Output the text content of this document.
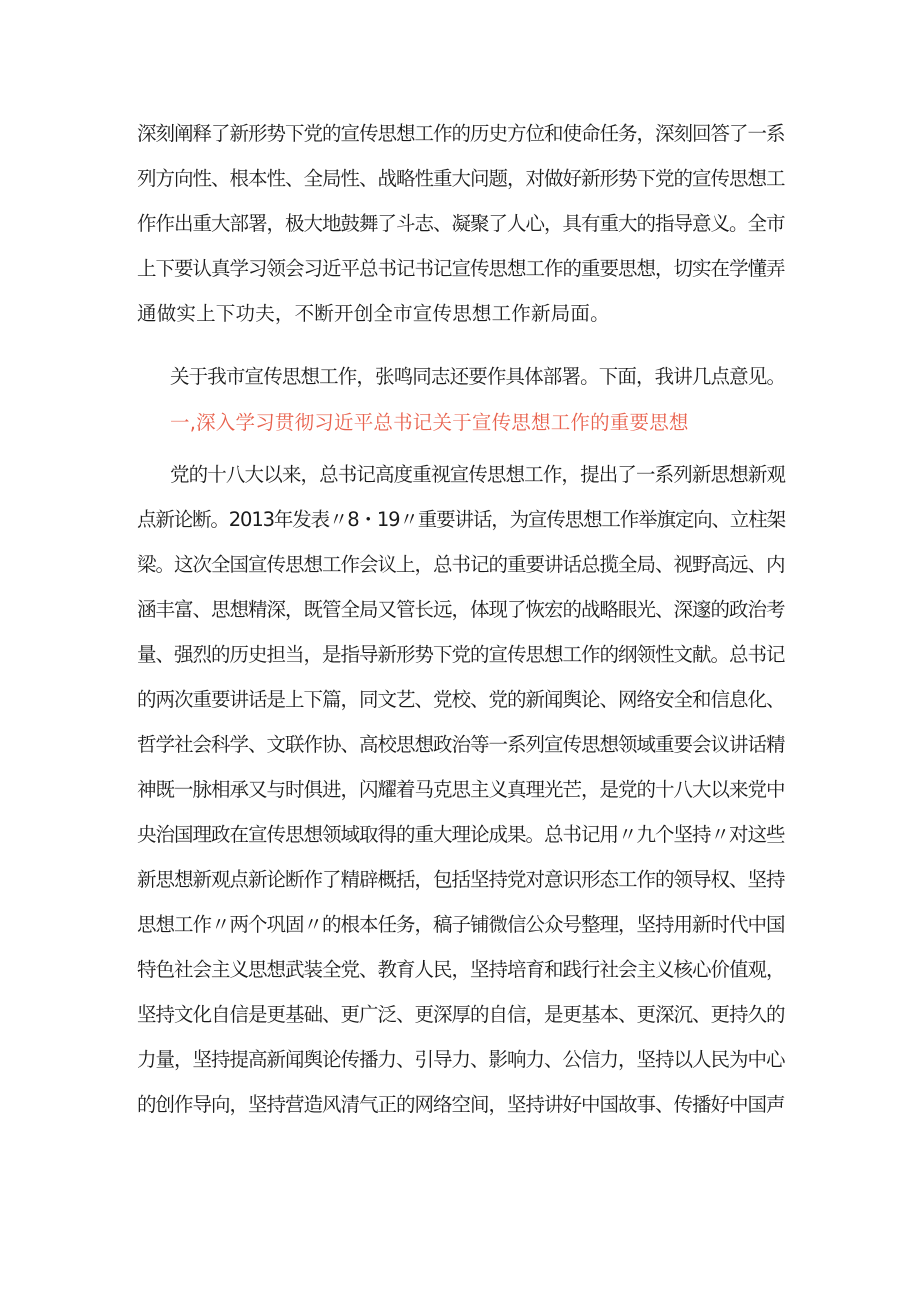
深刻阐释了新形势下党的宣传思想工作的历史方位和使命任务，深刻回答了一系
列方向性、根本性、全局性、战略性重大问题，对做好新形势下党的宣传思想工
作作出重大部署，极大地鼓舞了斗志、凝聚了人心，具有重大的指导意义。全市
上下要认真学习领会习近平总书记书记宣传思想工作的重要思想，切实在学懂弄
通做实上下功夫，不断开创全市宣传思想工作新局面。
关于我市宣传思想工作，张鸣同志还要作具体部署。下面，我讲几点意见。
一,深入学习贯彻习近平总书记关于宣传思想工作的重要思想
党的十八大以来，总书记高度重视宣传思想工作，提出了一系列新思想新观
点新论断。2013年发表〃8・19〃重要讲话，为宣传思想工作举旗定向、立柱架
梁。这次全国宣传思想工作会议上，总书记的重要讲话总揽全局、视野高远、内
涵丰富、思想精深，既管全局又管长远，体现了恢宏的战略眼光、深邃的政治考
量、强烈的历史担当，是指导新形势下党的宣传思想工作的纲领性文献。总书记
的两次重要讲话是上下篇，同文艺、党校、党的新闻舆论、网络安全和信息化、
哲学社会科学、文联作协、高校思想政治等一系列宣传思想领域重要会议讲话精
神既一脉相承又与时俱进，闪耀着马克思主义真理光芒，是党的十八大以来党中
央治国理政在宣传思想领域取得的重大理论成果。总书记用〃九个坚持〃对这些
新思想新观点新论断作了精辟概括，包括坚持党对意识形态工作的领导权、坚持
思想工作〃两个巩固〃的根本任务，稿子铺微信公众号整理，坚持用新时代中国
特色社会主义思想武装全党、教育人民，坚持培育和践行社会主义核心价值观，
坚持文化自信是更基础、更广泛、更深厚的自信，是更基本、更深沉、更持久的
力量，坚持提高新闻舆论传播力、引导力、影响力、公信力，坚持以人民为中心
的创作导向，坚持营造风清气正的网络空间，坚持讲好中国故事、传播好中国声
